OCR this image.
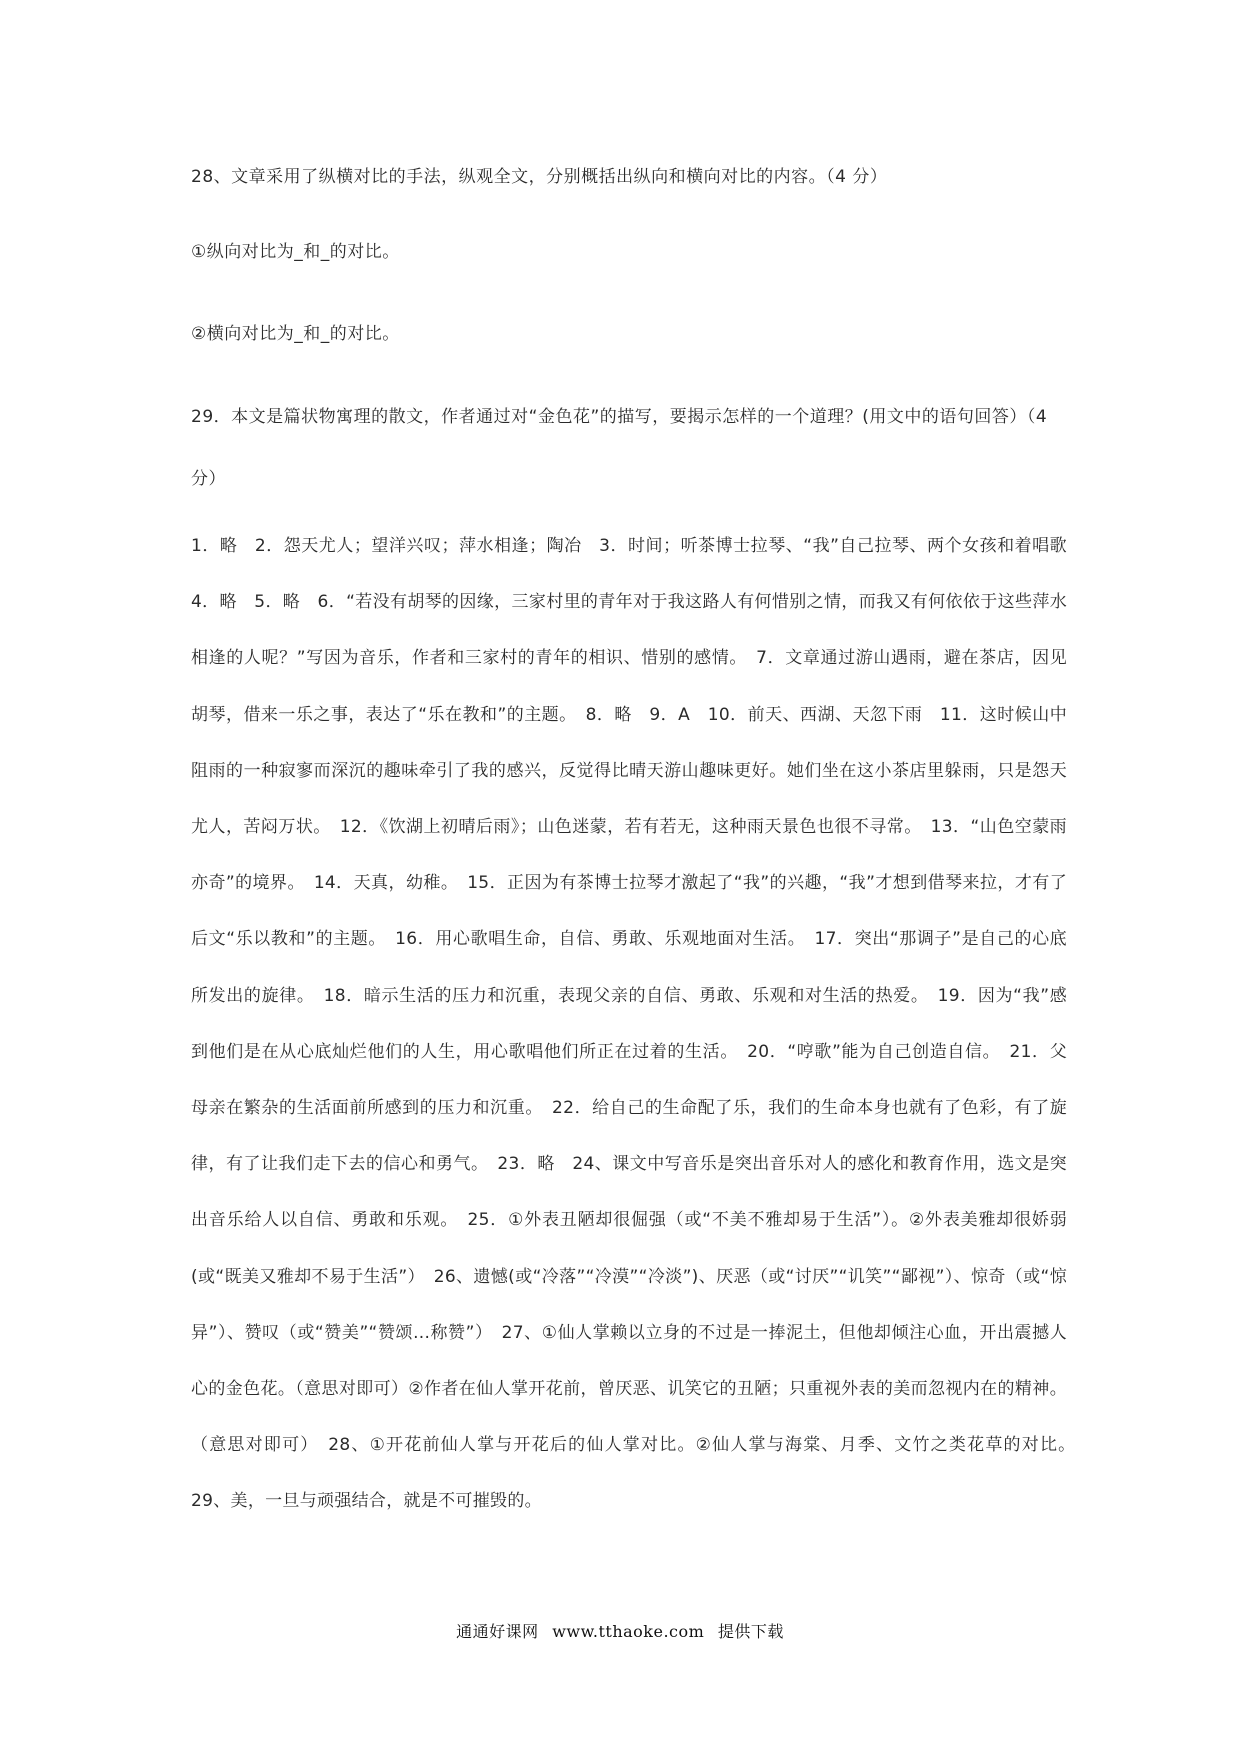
28、文章采用了纵横对比的手法，纵观全文，分别概括出纵向和横向对比的内容。（4 分）

①纵向对比为_和_的对比。

②横向对比为_和_的对比。

29．本文是篇状物寓理的散文，作者通过对“金色花”的描写，要揭示怎样的一个道理？(用文中的语句回答）（4 分）

1．略　2．怨天尤人；望洋兴叹；萍水相逢；陶冶　3．时间；听茶博士拉琴、“我”自己拉琴、两个女孩和着唱歌　4．略　5．略　6．“若没有胡琴的因缘，三家村里的青年对于我这路人有何惜别之情，而我又有何依依于这些萍水相逢的人呢？”写因为音乐，作者和三家村的青年的相识、惜别的感情。　7．文章通过游山遇雨，避在茶店，因见胡琴，借来一乐之事，表达了“乐在教和”的主题。　8．略　9．A　10．前天、西湖、天忽下雨　11．这时候山中阻雨的一种寂寥而深沉的趣味牵引了我的感兴，反觉得比晴天游山趣味更好。她们坐在这小茶店里躲雨，只是怨天尤人，苦闷万状。　12．《饮湖上初晴后雨》；山色迷蒙，若有若无，这种雨天景色也很不寻常。　13．“山色空蒙雨亦奇”的境界。　14．天真，幼稚。　15．正因为有茶博士拉琴才激起了“我”的兴趣，“我”才想到借琴来拉，才有了后文“乐以教和”的主题。　16．用心歌唱生命，自信、勇敢、乐观地面对生活。　17．突出“那调子”是自己的心底所发出的旋律。　18．暗示生活的压力和沉重，表现父亲的自信、勇敢、乐观和对生活的热爱。　19．因为“我”感到他们是在从心底灿烂他们的人生，用心歌唱他们所正在过着的生活。　20．“哼歌”能为自己创造自信。　21．父母亲在繁杂的生活面前所感到的压力和沉重。　22．给自己的生命配了乐，我们的生命本身也就有了色彩，有了旋律，有了让我们走下去的信心和勇气。　23．略　24、课文中写音乐是突出音乐对人的感化和教育作用，选文是突出音乐给人以自信、勇敢和乐观。　25．①外表丑陋却很倔强（或“不美不雅却易于生活”）。②外表美雅却很娇弱(或“既美又雅却不易于生活”）　26、遗憾(或“冷落”“冷漠”“冷淡”)、厌恶（或“讨厌”“讥笑”“鄙视”）、惊奇（或“惊异”）、赞叹（或“赞美”“赞颂...称赞”）　27、①仙人掌赖以立身的不过是一捧泥土，但他却倾注心血，开出震撼人心的金色花。（意思对即可）②作者在仙人掌开花前，曾厌恶、讥笑它的丑陋；只重视外表的美而忽视内在的精神。（意思对即可）　28、①开花前仙人掌与开花后的仙人掌对比。②仙人掌与海棠、月季、文竹之类花草的对比。　29、美，一旦与顽强结合，就是不可摧毁的。

通通好课网 www.tthaoke.com 提供下载
